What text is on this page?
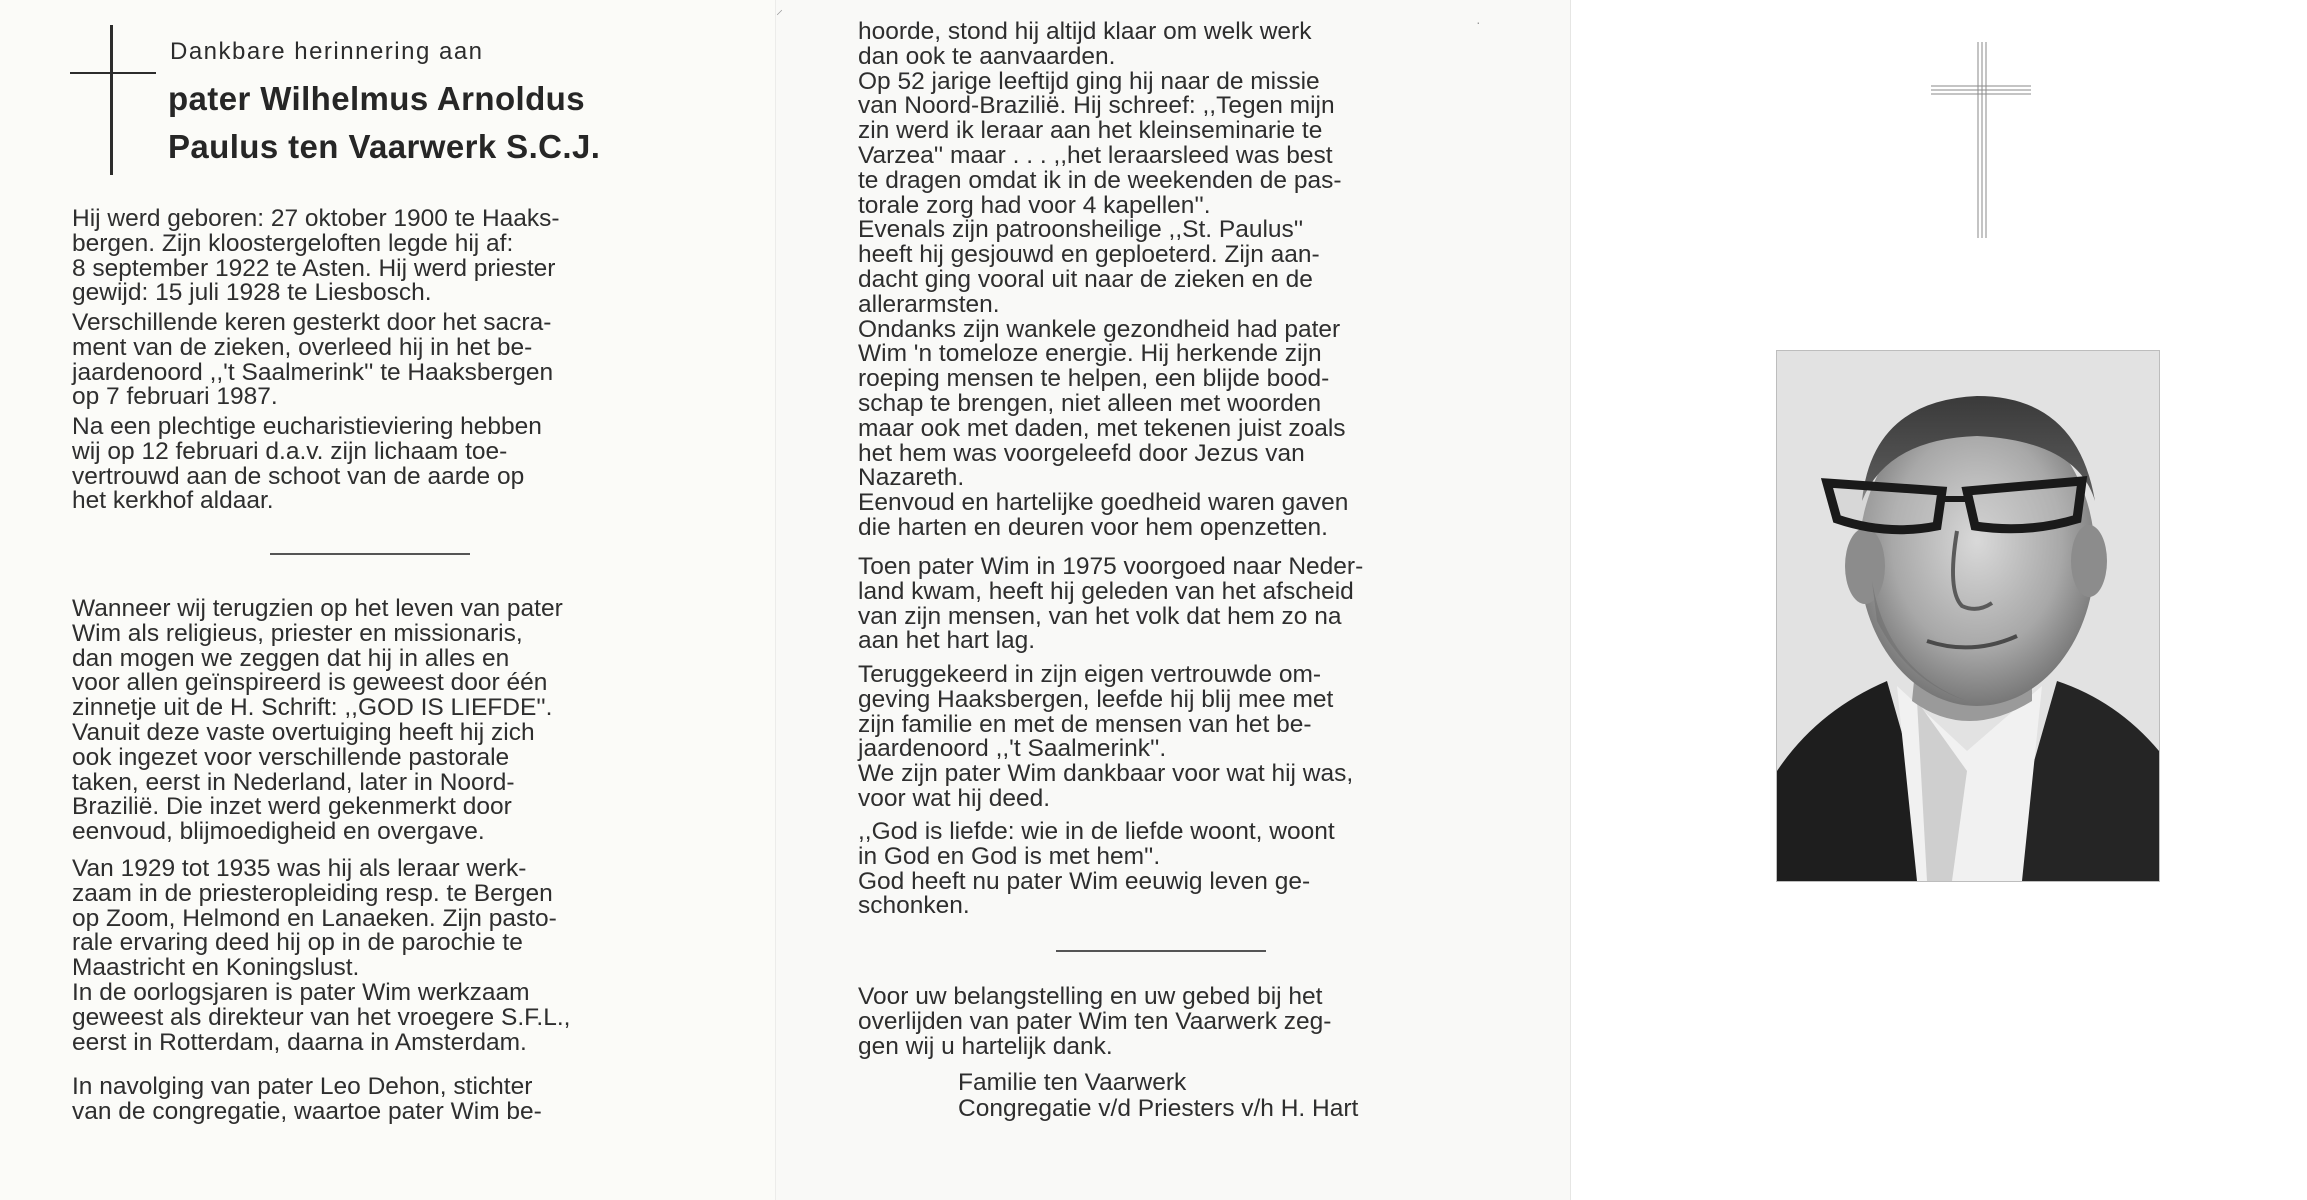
Dankbare herinnering aan
pater Wilhelmus Arnoldus
Paulus ten Vaarwerk S.C.J.
Hij werd geboren: 27 oktober 1900 te Haaks-
bergen. Zijn kloostergeloften legde hij af:
8 september 1922 te Asten. Hij werd priester
gewijd: 15 juli 1928 te Liesbosch.
Verschillende keren gesterkt door het sacra-
ment van de zieken, overleed hij in het be-
jaardenoord ,,'t Saalmerink'' te Haaksbergen
op 7 februari 1987.
Na een plechtige eucharistieviering hebben
wij op 12 februari d.a.v. zijn lichaam toe-
vertrouwd aan de schoot van de aarde op
het kerkhof aldaar.
Wanneer wij terugzien op het leven van pater
Wim als religieus, priester en missionaris,
dan mogen we zeggen dat hij in alles en
voor allen geïnspireerd is geweest door één
zinnetje uit de H. Schrift: ,,GOD IS LIEFDE''.
Vanuit deze vaste overtuiging heeft hij zich
ook ingezet voor verschillende pastorale
taken, eerst in Nederland, later in Noord-
Brazilië. Die inzet werd gekenmerkt door
eenvoud, blijmoedigheid en overgave.
Van 1929 tot 1935 was hij als leraar werk-
zaam in de priesteropleiding resp. te Bergen
op Zoom, Helmond en Lanaeken. Zijn pasto-
rale ervaring deed hij op in de parochie te
Maastricht en Koningslust.
In de oorlogsjaren is pater Wim werkzaam
geweest als direkteur van het vroegere S.F.L.,
eerst in Rotterdam, daarna in Amsterdam.
In navolging van pater Leo Dehon, stichter
van de congregatie, waartoe pater Wim be-
⸝
·
hoorde, stond hij altijd klaar om welk werk
dan ook te aanvaarden.
Op 52 jarige leeftijd ging hij naar de missie
van Noord-Brazilië. Hij schreef: ,,Tegen mijn
zin werd ik leraar aan het kleinseminarie te
Varzea'' maar . . . ,,het leraarsleed was best
te dragen omdat ik in de weekenden de pas-
torale zorg had voor 4 kapellen''.
Evenals zijn patroonsheilige ,,St. Paulus''
heeft hij gesjouwd en geploeterd. Zijn aan-
dacht ging vooral uit naar de zieken en de
allerarmsten.
Ondanks zijn wankele gezondheid had pater
Wim 'n tomeloze energie. Hij herkende zijn
roeping mensen te helpen, een blijde bood-
schap te brengen, niet alleen met woorden
maar ook met daden, met tekenen juist zoals
het hem was voorgeleefd door Jezus van
Nazareth.
Eenvoud en hartelijke goedheid waren gaven
die harten en deuren voor hem openzetten.
Toen pater Wim in 1975 voorgoed naar Neder-
land kwam, heeft hij geleden van het afscheid
van zijn mensen, van het volk dat hem zo na
aan het hart lag.
Teruggekeerd in zijn eigen vertrouwde om-
geving Haaksbergen, leefde hij blij mee met
zijn familie en met de mensen van het be-
jaardenoord ,,'t Saalmerink''.
We zijn pater Wim dankbaar voor wat hij was,
voor wat hij deed.
,,God is liefde: wie in de liefde woont, woont
in God en God is met hem''.
God heeft nu pater Wim eeuwig leven ge-
schonken.
Voor uw belangstelling en uw gebed bij het
overlijden van pater Wim ten Vaarwerk zeg-
gen wij u hartelijk dank.
Familie ten Vaarwerk
Congregatie v/d Priesters v/h H. Hart
